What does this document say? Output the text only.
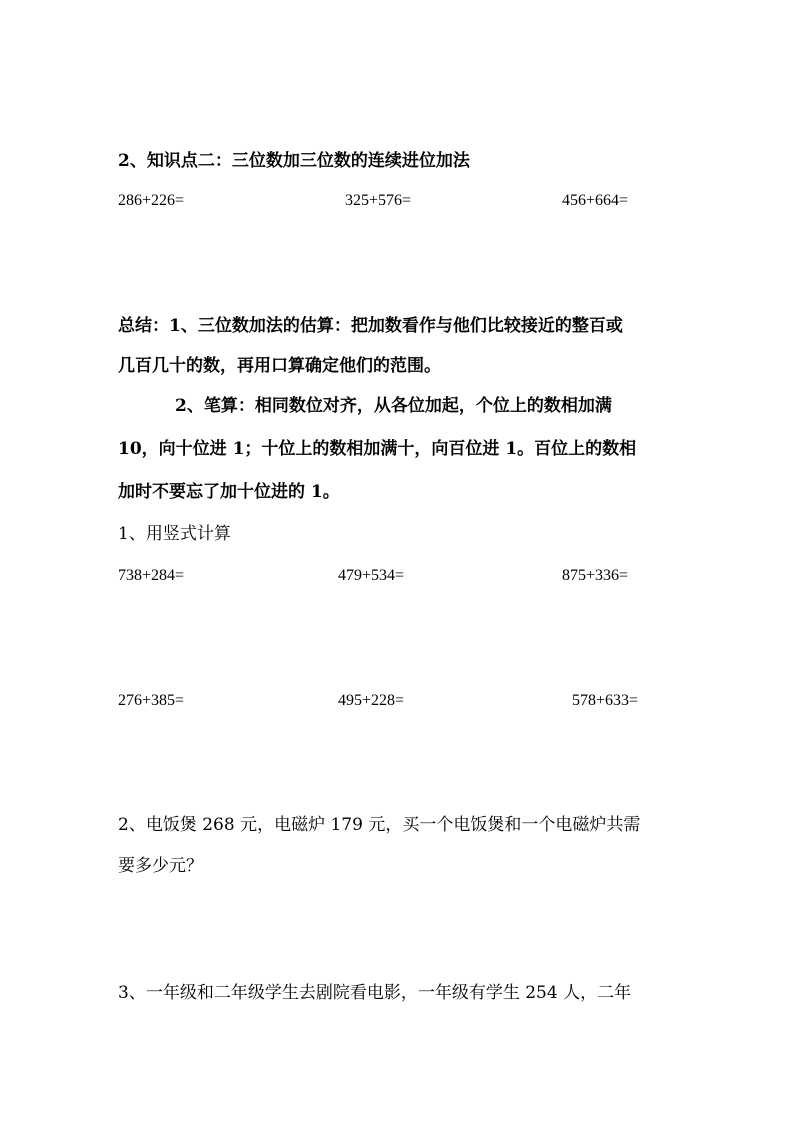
2、知识点二：三位数加三位数的连续进位加法
286+226=	325+576=	456+664=
总结：1、三位数加法的估算：把加数看作与他们比较接近的整百或
几百几十的数，再用口算确定他们的范围。
2、笔算：相同数位对齐，从各位加起，个位上的数相加满
10，向十位进 1；十位上的数相加满十，向百位进 1。百位上的数相
加时不要忘了加十位进的 1。
1、用竖式计算
738+284=	479+534=	875+336=
276+385=	495+228=	578+633=
2、电饭煲 268 元，电磁炉 179 元，买一个电饭煲和一个电磁炉共需
要多少元？
3、一年级和二年级学生去剧院看电影，一年级有学生 254 人，二年
